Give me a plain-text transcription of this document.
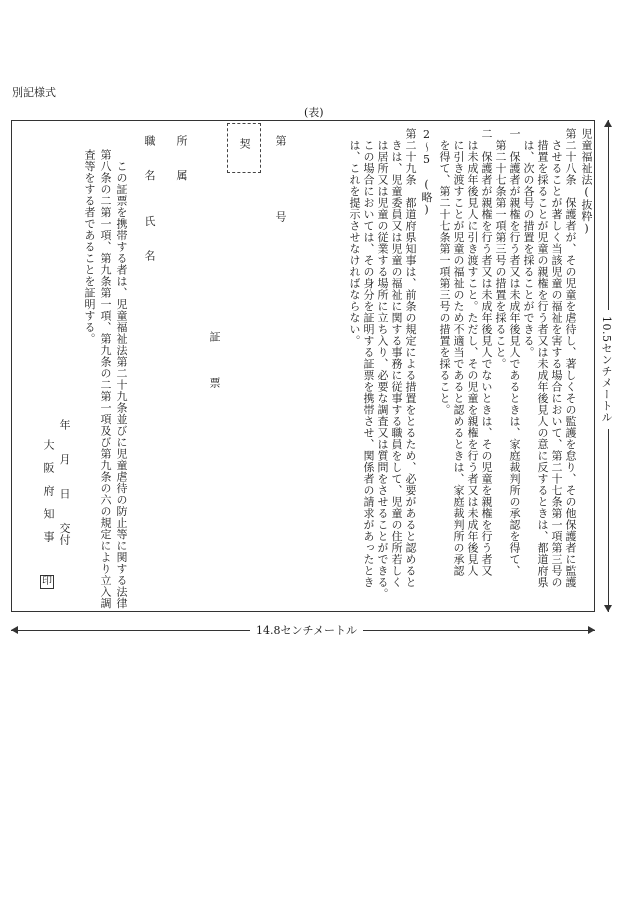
別記様式
(表)
児童福祉法(抜粋)
第二十八条　保護者が、その児童を虐待し、著しくその監護を怠り、その他保護者に監護
　させることが著しく当該児童の福祉を害する場合において、第二十七条第一項第三号の
　措置を採ることが児童の親権を行う者又は未成年後見人の意に反するときは、都道府県
　は、次の各号の措置を採ることができる。
一　保護者が親権を行う者又は未成年後見人であるときは、家庭裁判所の承認を得て、
　第二十七条第一項第三号の措置を採ること。
二　保護者が親権を行う者又は未成年後見人でないときは、その児童を親権を行う者又
　は未成年後見人に引き渡すこと。ただし、その児童を親権を行う者又は未成年後見人
　に引き渡すことが児童の福祉のため不適当であると認めるときは、家庭裁判所の承認
　を得て、第二十七条第一項第三号の措置を採ること。
2〜5　(略)
第二十九条　都道府県知事は、前条の規定による措置をとるため、必要があると認めると
　きは、児童委員又は児童の福祉に関する事務に従事する職員をして、児童の住所若しく
　は居所又は児童の従業する場所に立ち入り、必要な調査又は質問をさせることができる。
　この場合においては、その身分を証明する証票を携帯させ、関係者の請求があったとき
　は、これを提示させなければならない。
第
号
契
証　　　票
所　　属
職　　名　　　氏　　名
　この証票を携帯する者は、児童福祉法第二十九条並びに児童虐待の防止等に関する法律
第八条の二第一項、第九条第一項、第九条の二第一項及び第九条の六の規定により立入調
査等をする者であることを証明する。
年　　月　　日　　交付
大　阪　府　知　事
印
10.5センチメートル
14.8センチメートル
